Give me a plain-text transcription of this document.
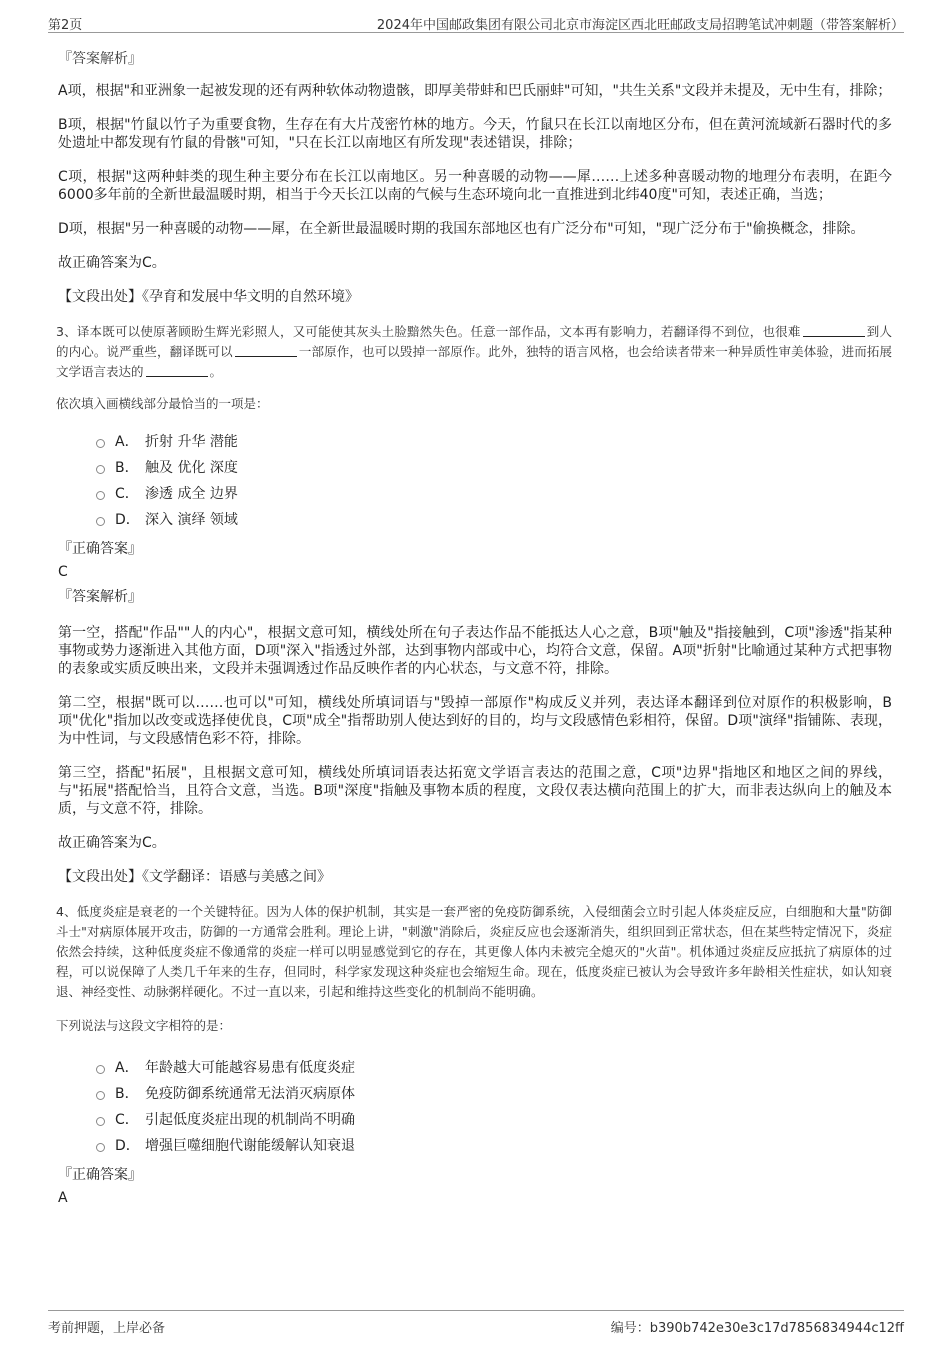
第2页	2024年中国邮政集团有限公司北京市海淀区西北旺邮政支局招聘笔试冲刺题（带答案解析）
『答案解析』

A项，根据"和亚洲象一起被发现的还有两种软体动物遗骸，即厚美带蚌和巴氏丽蚌"可知，"共生关系"文段并未提及，无中生有，排除；

B项，根据"竹鼠以竹子为重要食物，生存在有大片茂密竹林的地方。今天，竹鼠只在长江以南地区分布，但在黄河流域新石器时代的多处遗址中都发现有竹鼠的骨骸"可知，"只在长江以南地区有所发现"表述错误，排除；

C项，根据"这两种蚌类的现生种主要分布在长江以南地区。另一种喜暖的动物——犀……上述多种喜暖动物的地理分布表明，在距今6000多年前的全新世最温暖时期，相当于今天长江以南的气候与生态环境向北一直推进到北纬40度"可知，表述正确，当选；

D项，根据"另一种喜暖的动物——犀，在全新世最温暖时期的我国东部地区也有广泛分布"可知，"现广泛分布于"偷换概念，排除。

故正确答案为C。

【文段出处】《孕育和发展中华文明的自然环境》

3、译本既可以使原著顾盼生辉光彩照人，又可能使其灰头土脸黯然失色。任意一部作品，文本再有影响力，若翻译得不到位，也很难	到人的内心。说严重些，翻译既可以	一部原作，也可以毁掉一部原作。此外，独特的语言风格，也会给读者带来一种异质性审美体验，进而拓展文学语言表达的	。
依次填入画横线部分最恰当的一项是：
A． 折射 升华 潜能
B． 触及 优化 深度
C． 渗透 成全 边界
D． 深入 演绎 领域
『正确答案』
C
『答案解析』

第一空，搭配"作品""人的内心"，根据文意可知，横线处所在句子表达作品不能抵达人心之意，B项"触及"指接触到，C项"渗透"指某种事物或势力逐渐进入其他方面，D项"深入"指透过外部，达到事物内部或中心，均符合文意，保留。A项"折射"比喻通过某种方式把事物的表象或实质反映出来，文段并未强调透过作品反映作者的内心状态，与文意不符，排除。

第二空，根据"既可以……也可以"可知，横线处所填词语与"毁掉一部原作"构成反义并列，表达译本翻译到位对原作的积极影响，B项"优化"指加以改变或选择使优良，C项"成全"指帮助别人使达到好的目的，均与文段感情色彩相符，保留。D项"演绎"指铺陈、表现，为中性词，与文段感情色彩不符，排除。

第三空，搭配"拓展"，且根据文意可知，横线处所填词语表达拓宽文学语言表达的范围之意，C项"边界"指地区和地区之间的界线，与"拓展"搭配恰当，且符合文意，当选。B项"深度"指触及事物本质的程度，文段仅表达横向范围上的扩大，而非表达纵向上的触及本质，与文意不符，排除。

故正确答案为C。

【文段出处】《文学翻译：语感与美感之间》

4、低度炎症是衰老的一个关键特征。因为人体的保护机制，其实是一套严密的免疫防御系统，入侵细菌会立时引起人体炎症反应，白细胞和大量"防御斗士"对病原体展开攻击，防御的一方通常会胜利。理论上讲，"刺激"消除后，炎症反应也会逐渐消失，组织回到正常状态，但在某些特定情况下，炎症依然会持续，这种低度炎症不像通常的炎症一样可以明显感觉到它的存在，其更像人体内未被完全熄灭的"火苗"。机体通过炎症反应抵抗了病原体的过程，可以说保障了人类几千年来的生存，但同时，科学家发现这种炎症也会缩短生命。现在，低度炎症已被认为会导致许多年龄相关性症状，如认知衰退、神经变性、动脉粥样硬化。不过一直以来，引起和维持这些变化的机制尚不能明确。
下列说法与这段文字相符的是：
A． 年龄越大可能越容易患有低度炎症
B． 免疫防御系统通常无法消灭病原体
C． 引起低度炎症出现的机制尚不明确
D． 增强巨噬细胞代谢能缓解认知衰退
『正确答案』
A
考前押题，上岸必备	编号：b390b742e30e3c17d7856834944c12ff
